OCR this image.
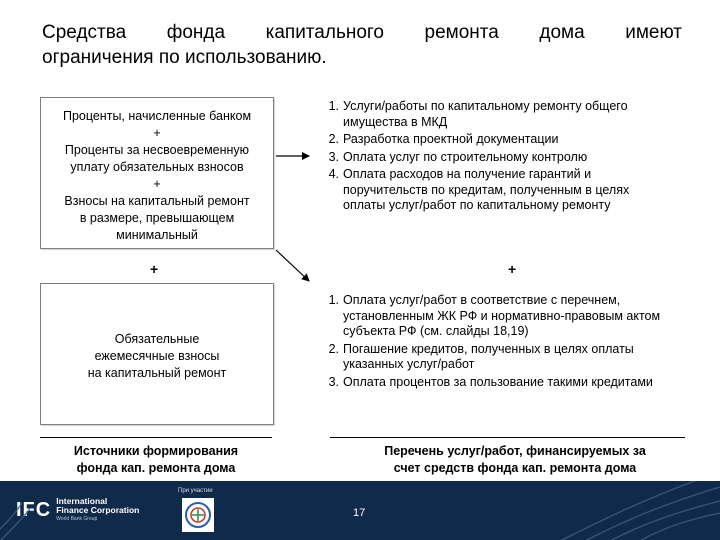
Средства фонда капитального ремонта дома имеют
ограничения по использованию.
Проценты, начисленные банком
+
Проценты за несвоевременную
уплату обязательных взносов
+
Взносы на капитальный ремонт
в размере, превышающем
минимальный
Обязательные
ежемесячные взносы
на капитальный ремонт
1. Услуги/работы по капитальному ремонту общего имущества в МКД
2. Разработка проектной документации
3. Оплата услуг по строительному контролю
4. Оплата расходов на получение гарантий и поручительств по кредитам, полученным в целях оплаты услуг/работ по капитальному ремонту
1. Оплата услуг/работ в соответствие с перечнем, установленным ЖК РФ и нормативно-правовым актом субъекта РФ (см. слайды 18,19)
2. Погашение кредитов, полученных в целях оплаты указанных услуг/работ
3. Оплата процентов за пользование такими кредитами
+	+
Источники формирования
фонда кап. ремонта дома
Перечень услуг/работ, финансируемых за
счет средств фонда кап. ремонта дома
IFC International
Finance Corporation
World Bank Group
При участии
17
